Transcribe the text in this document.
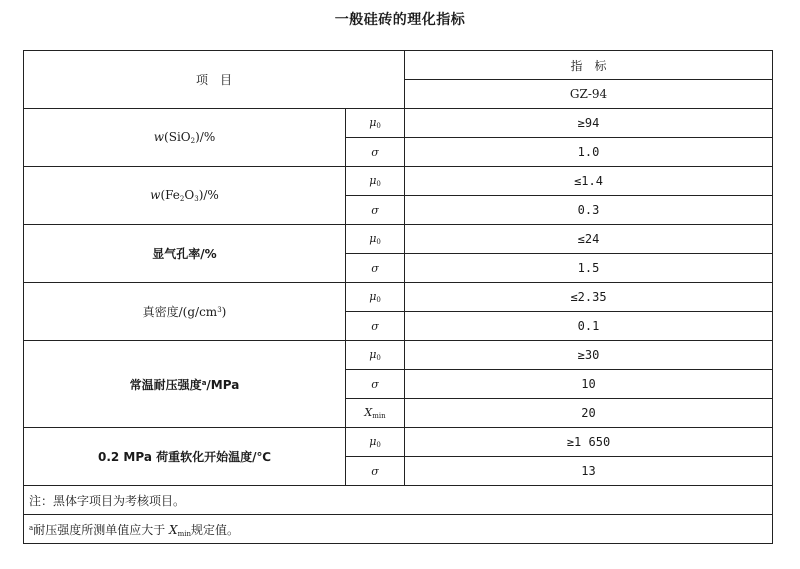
一般硅砖的理化指标
项　目		指　标
		GZ-94
w(SiO$_2$)/%	$\mu_0$	≥94
	σ	1.0
$w(Fe_2O_3)/\%$	$\mu_0$	≤1.4
	σ	0.3
显气孔率/%	$\mu_0$	≤24
	σ	1.5
真密度$/(g/cm^3)$	$\mu_0$	≤2.35
	σ	0.1
常温耐压强度$^a$/MPa	$\mu_0$	≥30
	σ	10
	$X_{min}$	20
0.2 MPa 荷重软化开始温度/℃	$\mu_0$	≥1 650
	σ	13
注：黑体字项目为考核项目。		
$^a$耐压强度所测单值应大于 $X_{min}$规定值。		
